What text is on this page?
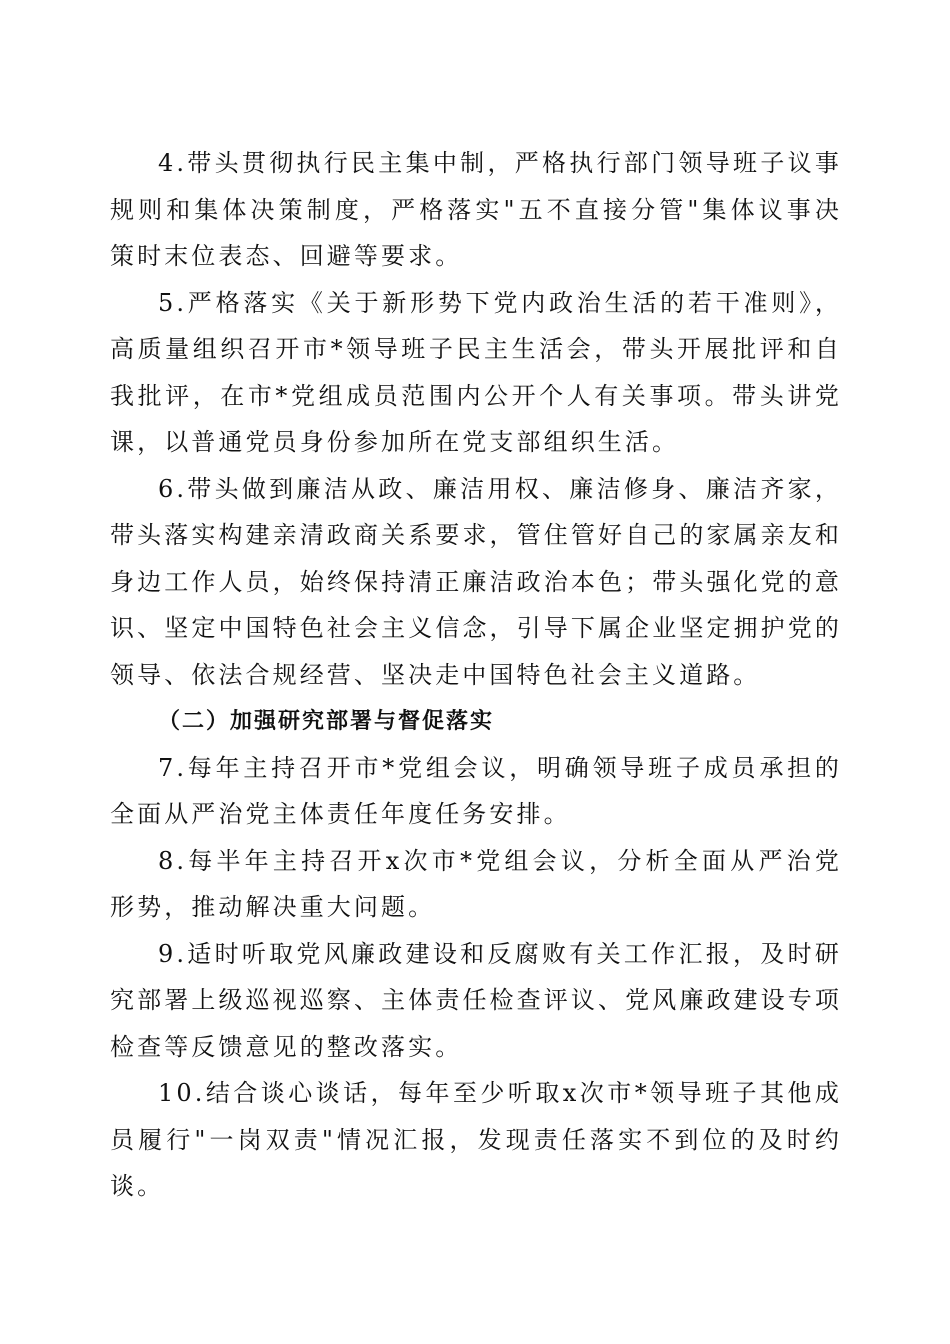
4.带头贯彻执行民主集中制，严格执行部门领导班子议事规则和集体决策制度，严格落实"五不直接分管"集体议事决策时末位表态、回避等要求。

5.严格落实《关于新形势下党内政治生活的若干准则》，高质量组织召开市*领导班子民主生活会，带头开展批评和自我批评，在市*党组成员范围内公开个人有关事项。带头讲党课，以普通党员身份参加所在党支部组织生活。

6.带头做到廉洁从政、廉洁用权、廉洁修身、廉洁齐家，带头落实构建亲清政商关系要求，管住管好自己的家属亲友和身边工作人员，始终保持清正廉洁政治本色；带头强化党的意识、坚定中国特色社会主义信念，引导下属企业坚定拥护党的领导、依法合规经营、坚决走中国特色社会主义道路。

（二）加强研究部署与督促落实

7.每年主持召开市*党组会议，明确领导班子成员承担的全面从严治党主体责任年度任务安排。

8.每半年主持召开x次市*党组会议，分析全面从严治党形势，推动解决重大问题。

9.适时听取党风廉政建设和反腐败有关工作汇报，及时研究部署上级巡视巡察、主体责任检查评议、党风廉政建设专项检查等反馈意见的整改落实。

10.结合谈心谈话，每年至少听取x次市*领导班子其他成员履行"一岗双责"情况汇报，发现责任落实不到位的及时约谈。
